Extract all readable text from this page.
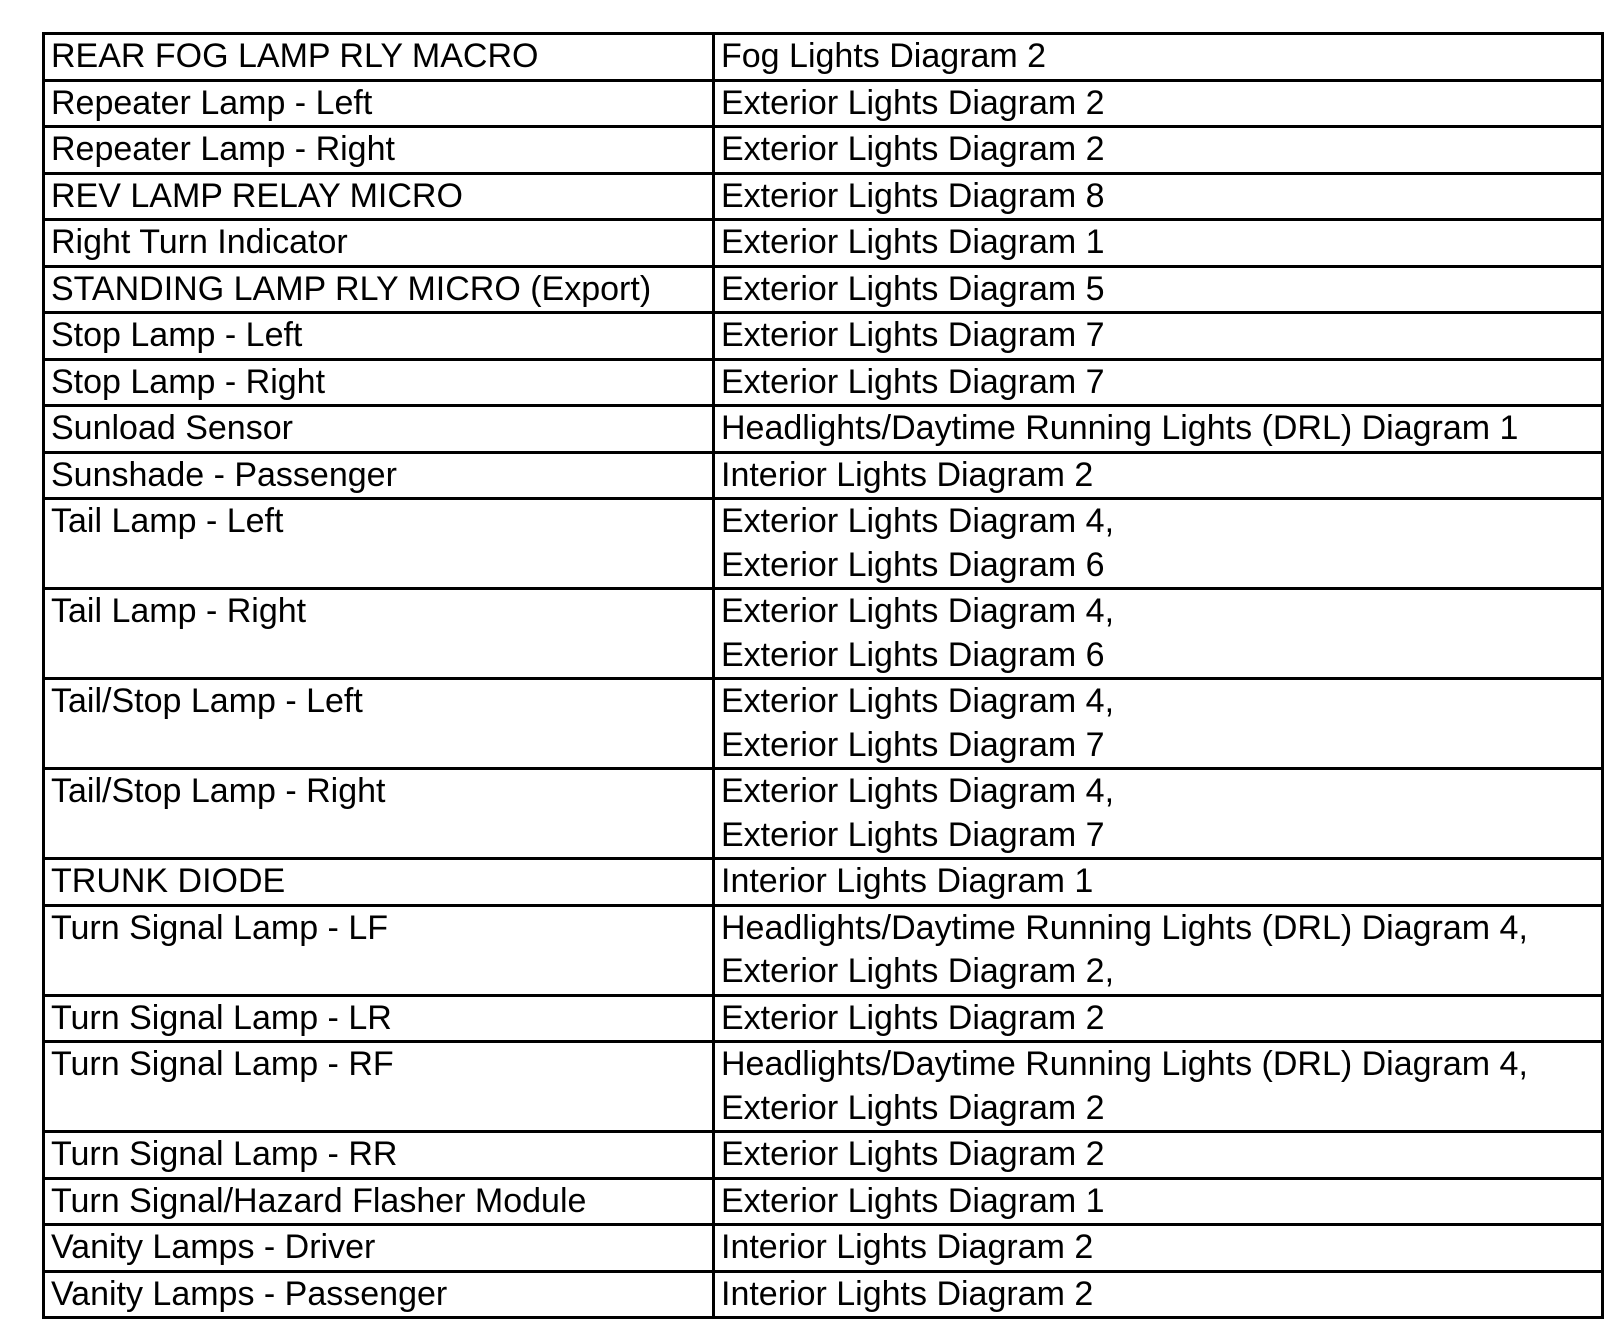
REAR FOG LAMP RLY MACRO	Fog Lights Diagram 2

Repeater Lamp - Left	Exterior Lights Diagram 2

Repeater Lamp - Right	Exterior Lights Diagram 2

REV LAMP RELAY MICRO	Exterior Lights Diagram 8

Right Turn Indicator	Exterior Lights Diagram 1

STANDING LAMP RLY MICRO (Export)	Exterior Lights Diagram 5

Stop Lamp - Left	Exterior Lights Diagram 7

Stop Lamp - Right	Exterior Lights Diagram 7

Sunload Sensor	Headlights/Daytime Running Lights (DRL) Diagram 1

Sunshade - Passenger	Interior Lights Diagram 2

Tail Lamp - Left	Exterior Lights Diagram 4,
Exterior Lights Diagram 6

Tail Lamp - Right	Exterior Lights Diagram 4,
Exterior Lights Diagram 6

Tail/Stop Lamp - Left	Exterior Lights Diagram 4,
Exterior Lights Diagram 7

Tail/Stop Lamp - Right	Exterior Lights Diagram 4,
Exterior Lights Diagram 7

TRUNK DIODE	Interior Lights Diagram 1

Turn Signal Lamp - LF	Headlights/Daytime Running Lights (DRL) Diagram 4,
Exterior Lights Diagram 2,

Turn Signal Lamp - LR	Exterior Lights Diagram 2

Turn Signal Lamp - RF	Headlights/Daytime Running Lights (DRL) Diagram 4,
Exterior Lights Diagram 2

Turn Signal Lamp - RR	Exterior Lights Diagram 2

Turn Signal/Hazard Flasher Module	Exterior Lights Diagram 1

Vanity Lamps - Driver	Interior Lights Diagram 2

Vanity Lamps - Passenger	Interior Lights Diagram 2
